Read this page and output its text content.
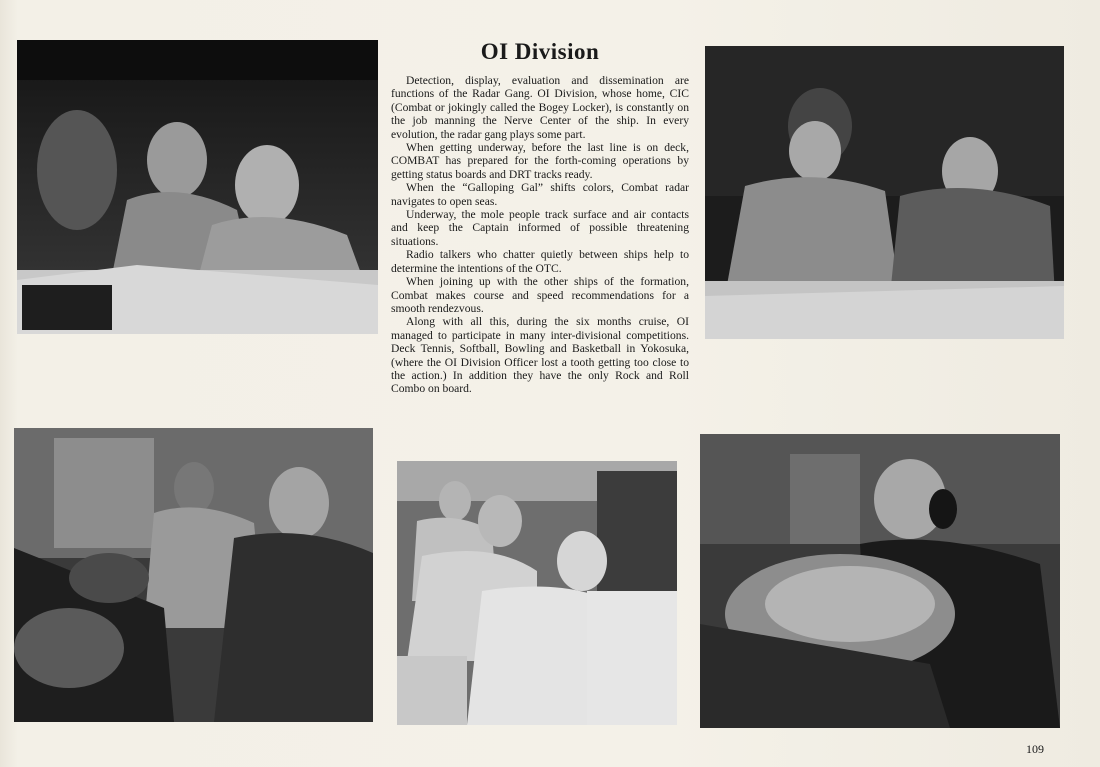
OI Division

Detection, display, evaluation and dissemination are functions of the Radar Gang. OI Division, whose home, CIC (Combat or jokingly called the Bogey Locker), is constantly on the job manning the Nerve Center of the ship. In every evolution, the radar gang plays some part.

When getting underway, before the last line is on deck, COMBAT has prepared for the forth-coming operations by getting status boards and DRT tracks ready.

When the “Galloping Gal” shifts colors, Combat radar navigates to open seas.

Underway, the mole people track surface and air contacts and keep the Captain informed of possible threatening situations.

Radio talkers who chatter quietly between ships help to determine the intentions of the OTC.

When joining up with the other ships of the formation, Combat makes course and speed recommendations for a smooth rendezvous.

Along with all this, during the six months cruise, OI managed to participate in many inter-divisional competitions. Deck Tennis, Softball, Bowling and Basketball in Yokosuka, (where the OI Division Officer lost a tooth getting too close to the action.) In addition they have the only Rock and Roll Combo on board.

109
